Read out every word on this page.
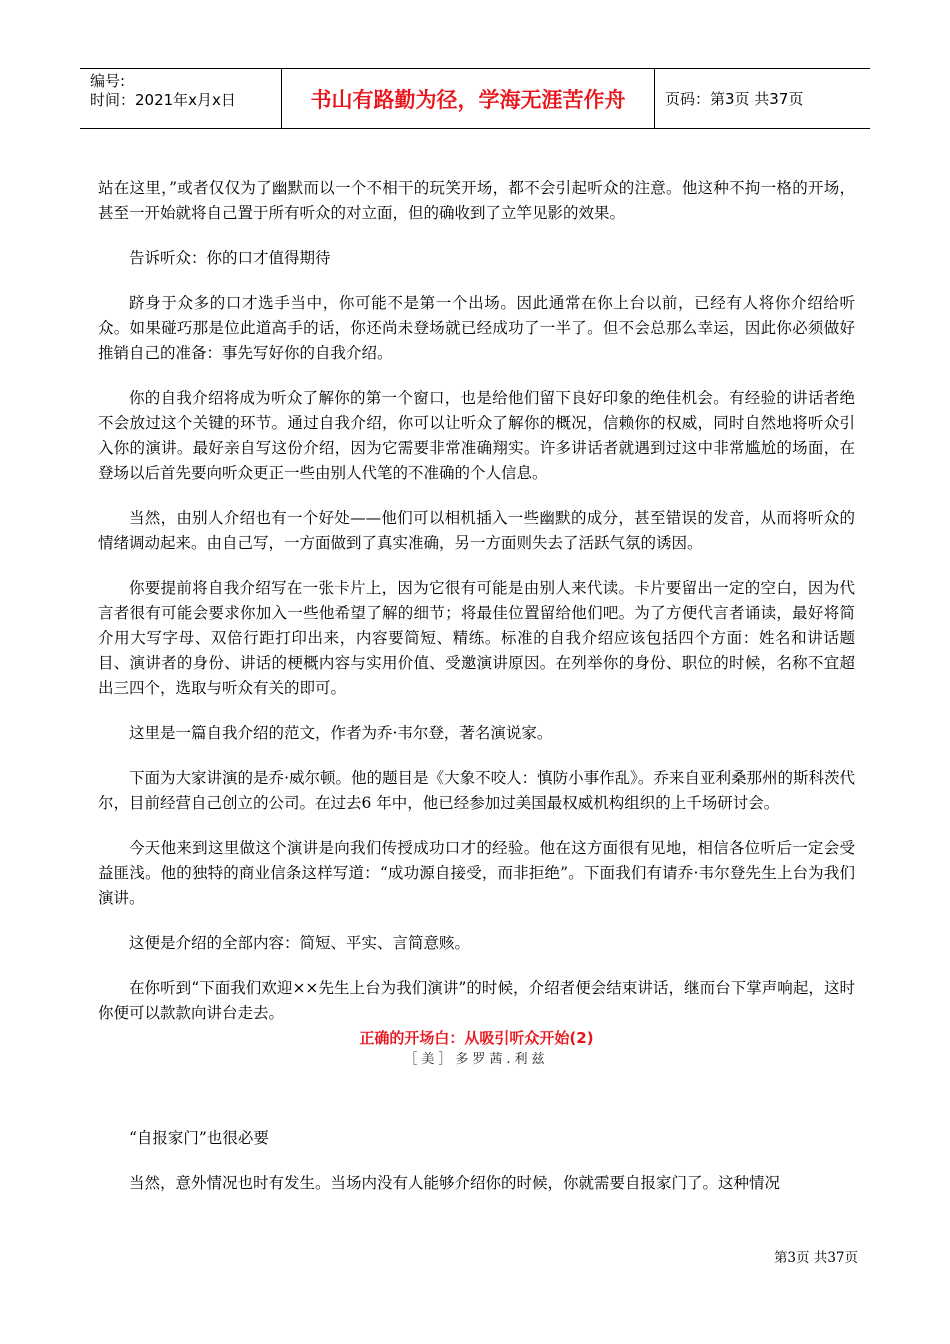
编号:
时间：2021年x月x日	书山有路勤为径，学海无涯苦作舟	页码：第3页 共37页

站在这里，”或者仅仅为了幽默而以一个不相干的玩笑开场，都不会引起听众的注意。他这种不拘一格的开场，甚至一开始就将自己置于所有听众的对立面，但的确收到了立竿见影的效果。

告诉听众：你的口才值得期待

跻身于众多的口才选手当中，你可能不是第一个出场。因此通常在你上台以前，已经有人将你介绍给听众。如果碰巧那是位此道高手的话，你还尚未登场就已经成功了一半了。但不会总那么幸运，因此你必须做好推销自己的准备：事先写好你的自我介绍。

你的自我介绍将成为听众了解你的第一个窗口，也是给他们留下良好印象的绝佳机会。有经验的讲话者绝不会放过这个关键的环节。通过自我介绍，你可以让听众了解你的概况，信赖你的权威，同时自然地将听众引入你的演讲。最好亲自写这份介绍，因为它需要非常准确翔实。许多讲话者就遇到过这中非常尴尬的场面，在登场以后首先要向听众更正一些由别人代笔的不准确的个人信息。

当然，由别人介绍也有一个好处——他们可以相机插入一些幽默的成分，甚至错误的发音，从而将听众的情绪调动起来。由自己写，一方面做到了真实准确，另一方面则失去了活跃气氛的诱因。

你要提前将自我介绍写在一张卡片上，因为它很有可能是由别人来代读。卡片要留出一定的空白，因为代言者很有可能会要求你加入一些他希望了解的细节；将最佳位置留给他们吧。为了方便代言者诵读，最好将简介用大写字母、双倍行距打印出来，内容要简短、精练。标准的自我介绍应该包括四个方面：姓名和讲话题目、演讲者的身份、讲话的梗概内容与实用价值、受邀演讲原因。在列举你的身份、职位的时候，名称不宜超出三四个，选取与听众有关的即可。

这里是一篇自我介绍的范文，作者为乔·韦尔登，著名演说家。

下面为大家讲演的是乔·威尔顿。他的题目是《大象不咬人：慎防小事作乱》。乔来自亚利桑那州的斯科茨代尔，目前经营自己创立的公司。在过去6 年中，他已经参加过美国最权威机构组织的上千场研讨会。

今天他来到这里做这个演讲是向我们传授成功口才的经验。他在这方面很有见地，相信各位听后一定会受益匪浅。他的独特的商业信条这样写道：“成功源自接受，而非拒绝”。下面我们有请乔·韦尔登先生上台为我们演讲。

这便是介绍的全部内容：简短、平实、言简意赅。

在你听到“下面我们欢迎××先生上台为我们演讲”的时候，介绍者便会结束讲话，继而台下掌声响起，这时你便可以款款向讲台走去。

正确的开场白：从吸引听众开始(2)
［美］多罗茜.利兹

“自报家门”也很必要

当然，意外情况也时有发生。当场内没有人能够介绍你的时候，你就需要自报家门了。这种情况

第3页 共37页
